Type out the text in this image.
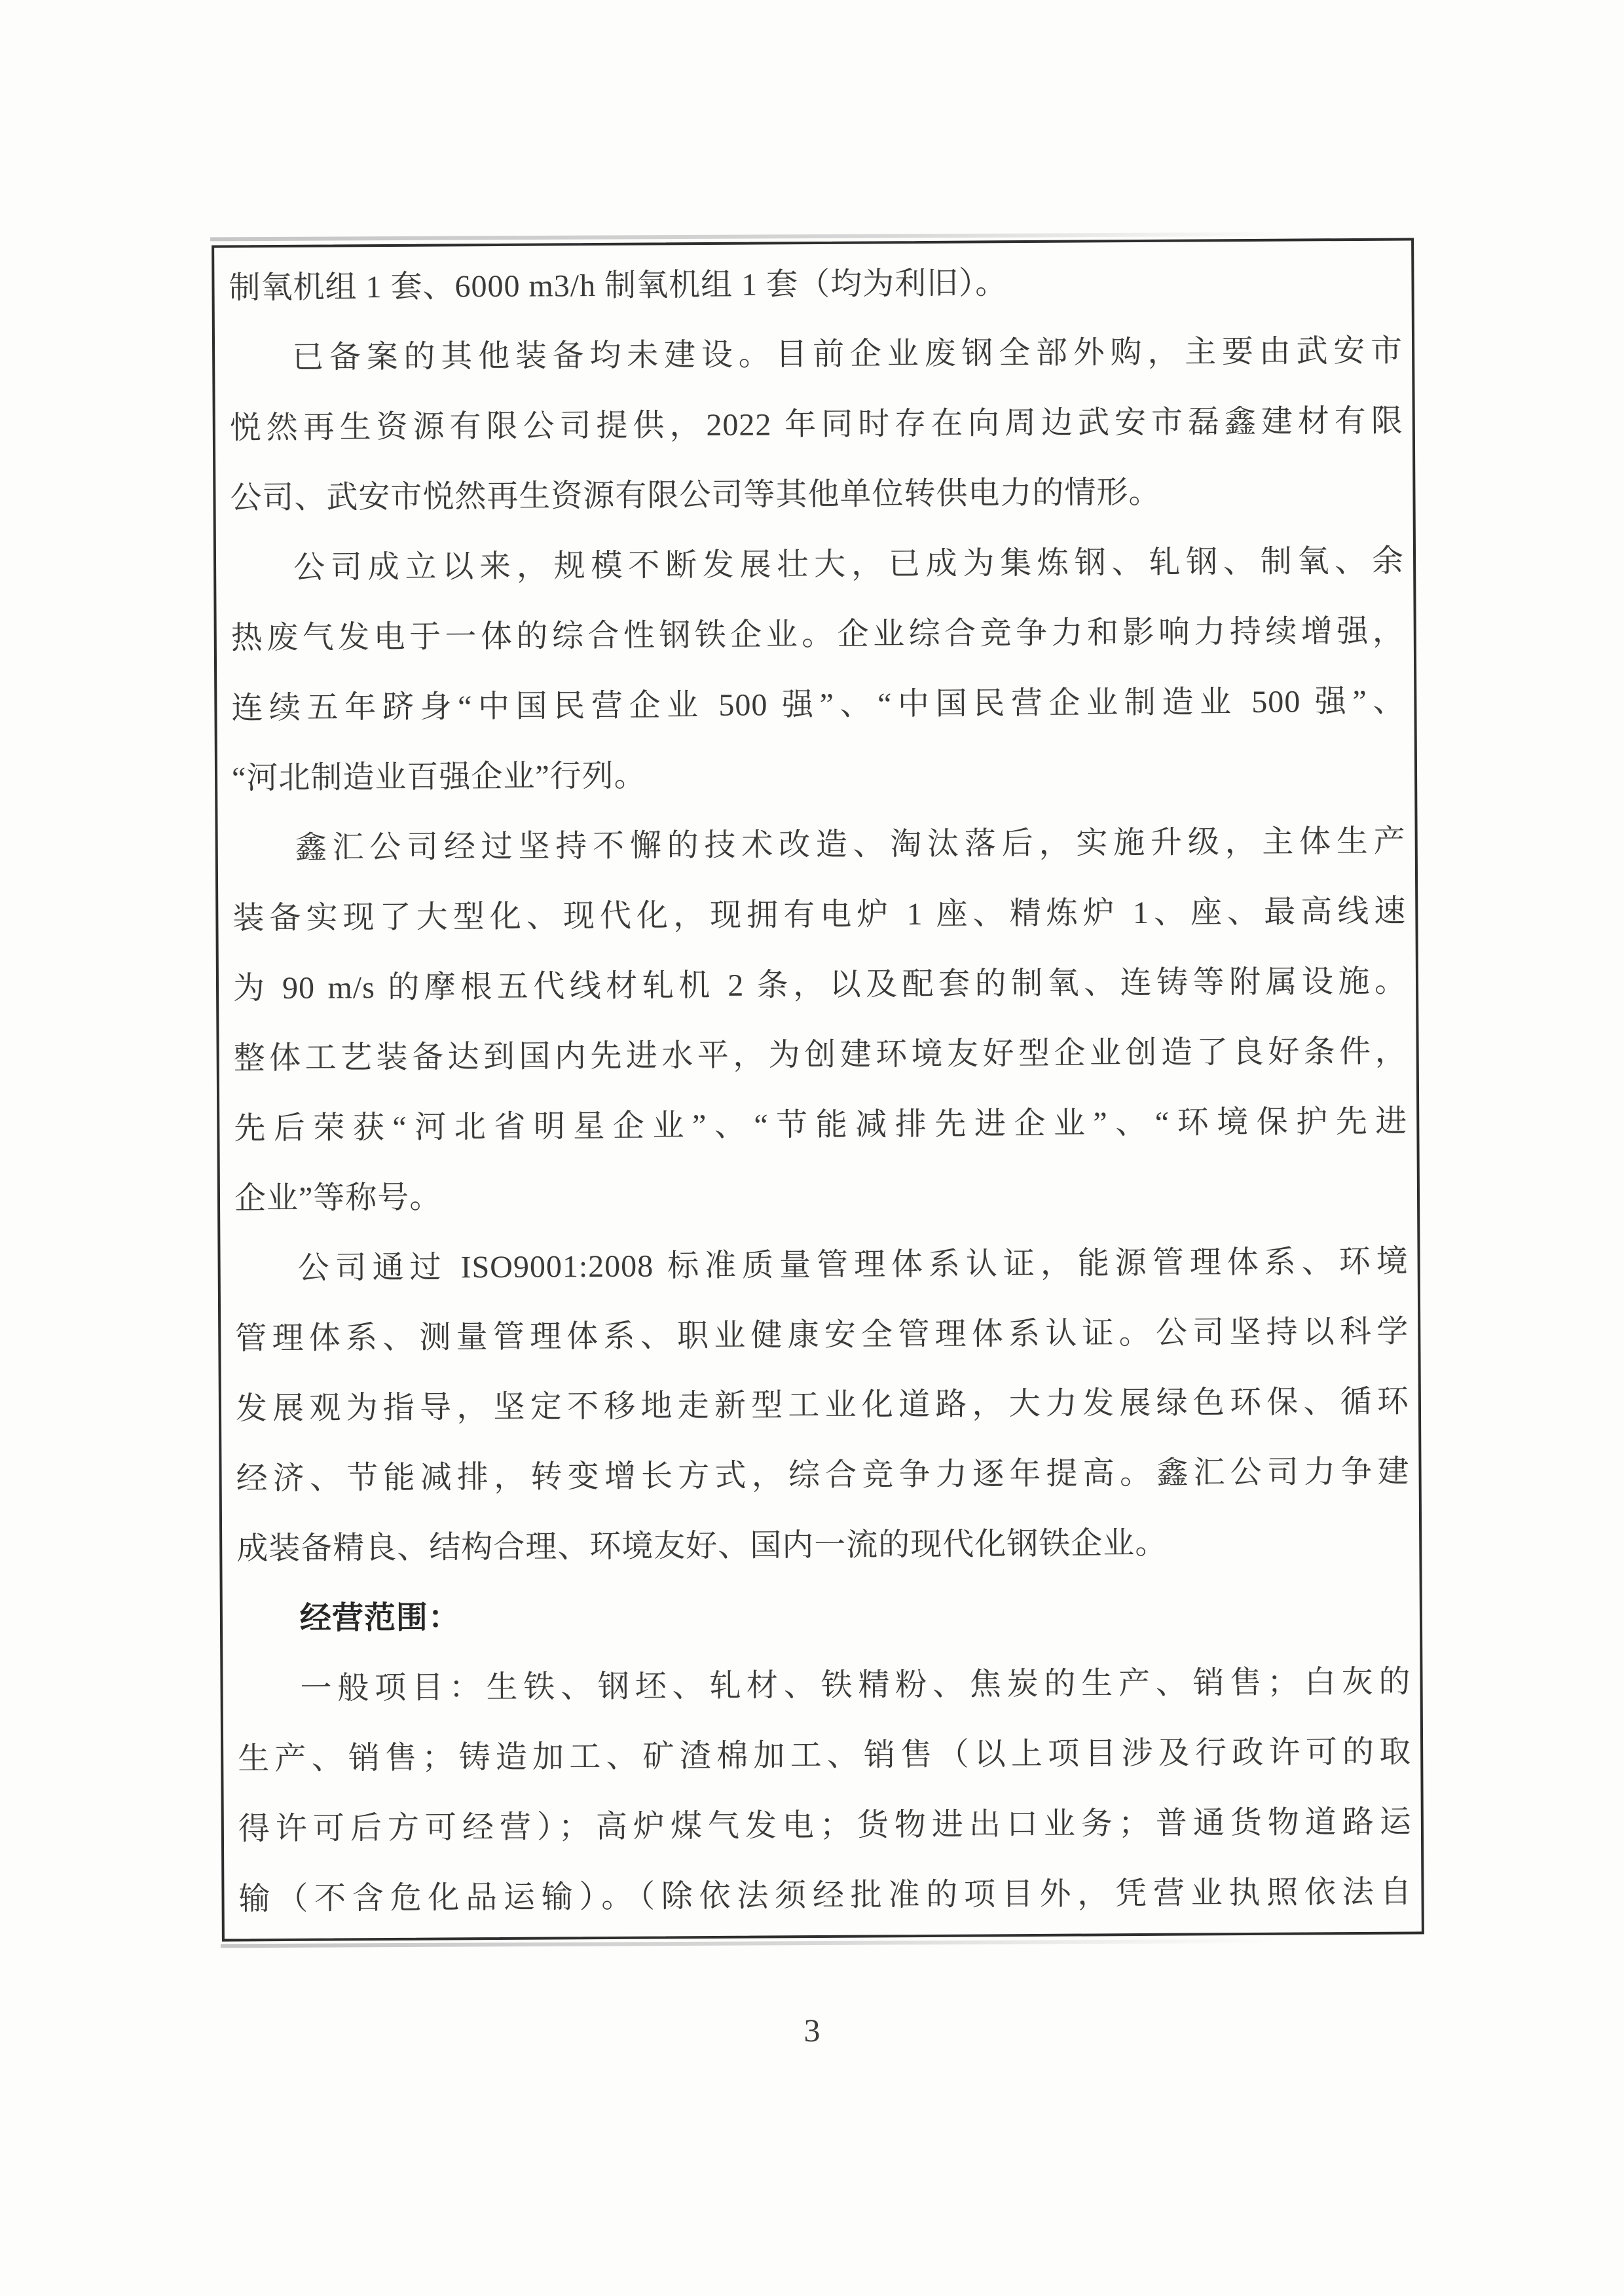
制氧机组 1 套、6000 m3/h 制氧机组 1 套（均为利旧）。
已备案的其他装备均未建设。目前企业废钢全部外购，主要由武安市
悦然再生资源有限公司提供，2022 年同时存在向周边武安市磊鑫建材有限
公司、武安市悦然再生资源有限公司等其他单位转供电力的情形。
公司成立以来，规模不断发展壮大，已成为集炼钢、轧钢、制氧、余
热废气发电于一体的综合性钢铁企业。企业综合竞争力和影响力持续增强，
连续五年跻身“中国民营企业 500 强”、“中国民营企业制造业 500 强”、
“河北制造业百强企业”行列。
鑫汇公司经过坚持不懈的技术改造、淘汰落后，实施升级，主体生产
装备实现了大型化、现代化，现拥有电炉 1 座、精炼炉 1、座、最高线速
为 90 m/s 的摩根五代线材轧机 2 条，以及配套的制氧、连铸等附属设施。
整体工艺装备达到国内先进水平，为创建环境友好型企业创造了良好条件，
先后荣获“河北省明星企业”、“节能减排先进企业”、“环境保护先进
企业”等称号。
公司通过 ISO9001:2008 标准质量管理体系认证，能源管理体系、环境
管理体系、测量管理体系、职业健康安全管理体系认证。公司坚持以科学
发展观为指导，坚定不移地走新型工业化道路，大力发展绿色环保、循环
经济、节能减排，转变增长方式，综合竞争力逐年提高。鑫汇公司力争建
成装备精良、结构合理、环境友好、国内一流的现代化钢铁企业。
经营范围：
一般项目：生铁、钢坯、轧材、铁精粉、焦炭的生产、销售；白灰的
生产、销售；铸造加工、矿渣棉加工、销售（以上项目涉及行政许可的取
得许可后方可经营）；高炉煤气发电；货物进出口业务；普通货物道路运
输（不含危化品运输）。（除依法须经批准的项目外，凭营业执照依法自
3
